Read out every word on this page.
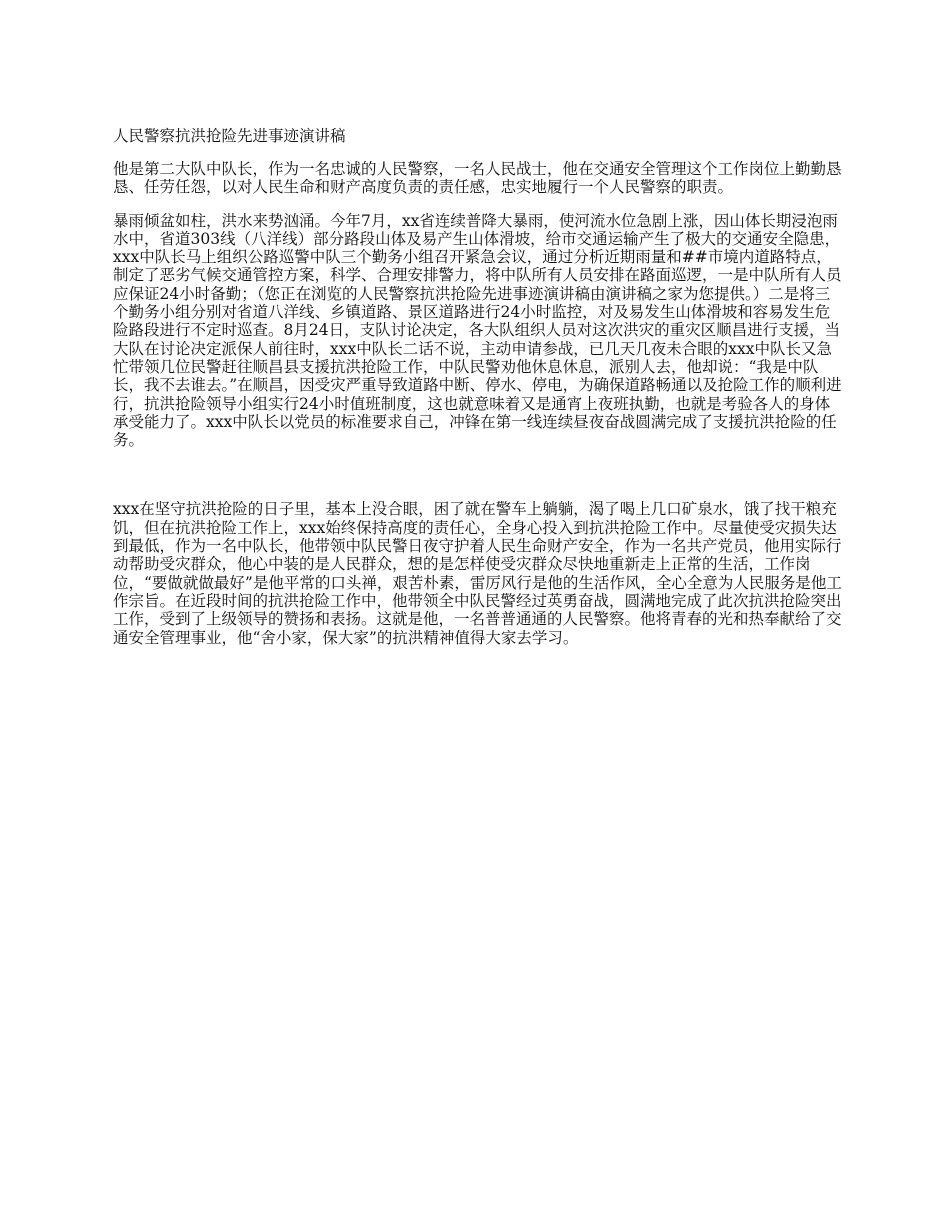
人民警察抗洪抢险先进事迹演讲稿

他是第二大队中队长，作为一名忠诚的人民警察，一名人民战士，他在交通安全管理这个工作岗位上勤勤恳恳、任劳任怨，以对人民生命和财产高度负责的责任感，忠实地履行一个人民警察的职责。

暴雨倾盆如柱，洪水来势汹涌。今年7月，xx省连续普降大暴雨，使河流水位急剧上涨，因山体长期浸泡雨水中，省道303线（八洋线）部分路段山体及易产生山体滑坡，给市交通运输产生了极大的交通安全隐患，xxx中队长马上组织公路巡警中队三个勤务小组召开紧急会议，通过分析近期雨量和##市境内道路特点，制定了恶劣气候交通管控方案，科学、合理安排警力，将中队所有人员安排在路面巡逻，一是中队所有人员应保证24小时备勤；（您正在浏览的人民警察抗洪抢险先进事迹演讲稿由演讲稿之家为您提供。）二是将三个勤务小组分别对省道八洋线、乡镇道路、景区道路进行24小时监控，对及易发生山体滑坡和容易发生危险路段进行不定时巡查。8月24日，支队讨论决定，各大队组织人员对这次洪灾的重灾区顺昌进行支援，当大队在讨论决定派保人前往时，xxx中队长二话不说，主动申请参战，已几天几夜未合眼的xxx中队长又急忙带领几位民警赶往顺昌县支援抗洪抢险工作，中队民警劝他休息休息，派别人去，他却说：“我是中队长，我不去谁去。”在顺昌，因受灾严重导致道路中断、停水、停电，为确保道路畅通以及抢险工作的顺利进行，抗洪抢险领导小组实行24小时值班制度，这也就意味着又是通宵上夜班执勤，也就是考验各人的身体承受能力了。xxx中队长以党员的标准要求自己，冲锋在第一线连续昼夜奋战圆满完成了支援抗洪抢险的任务。

xxx在坚守抗洪抢险的日子里，基本上没合眼，困了就在警车上躺躺，渴了喝上几口矿泉水，饿了找干粮充饥，但在抗洪抢险工作上，xxx始终保持高度的责任心，全身心投入到抗洪抢险工作中。尽量使受灾损失达到最低，作为一名中队长，他带领中队民警日夜守护着人民生命财产安全，作为一名共产党员，他用实际行动帮助受灾群众，他心中装的是人民群众，想的是怎样使受灾群众尽快地重新走上正常的生活，工作岗位，“要做就做最好”是他平常的口头禅，艰苦朴素，雷厉风行是他的生活作风，全心全意为人民服务是他工作宗旨。在近段时间的抗洪抢险工作中，他带领全中队民警经过英勇奋战，圆满地完成了此次抗洪抢险突出工作，受到了上级领导的赞扬和表扬。这就是他，一名普普通通的人民警察。他将青春的光和热奉献给了交通安全管理事业，他“舍小家，保大家”的抗洪精神值得大家去学习。
